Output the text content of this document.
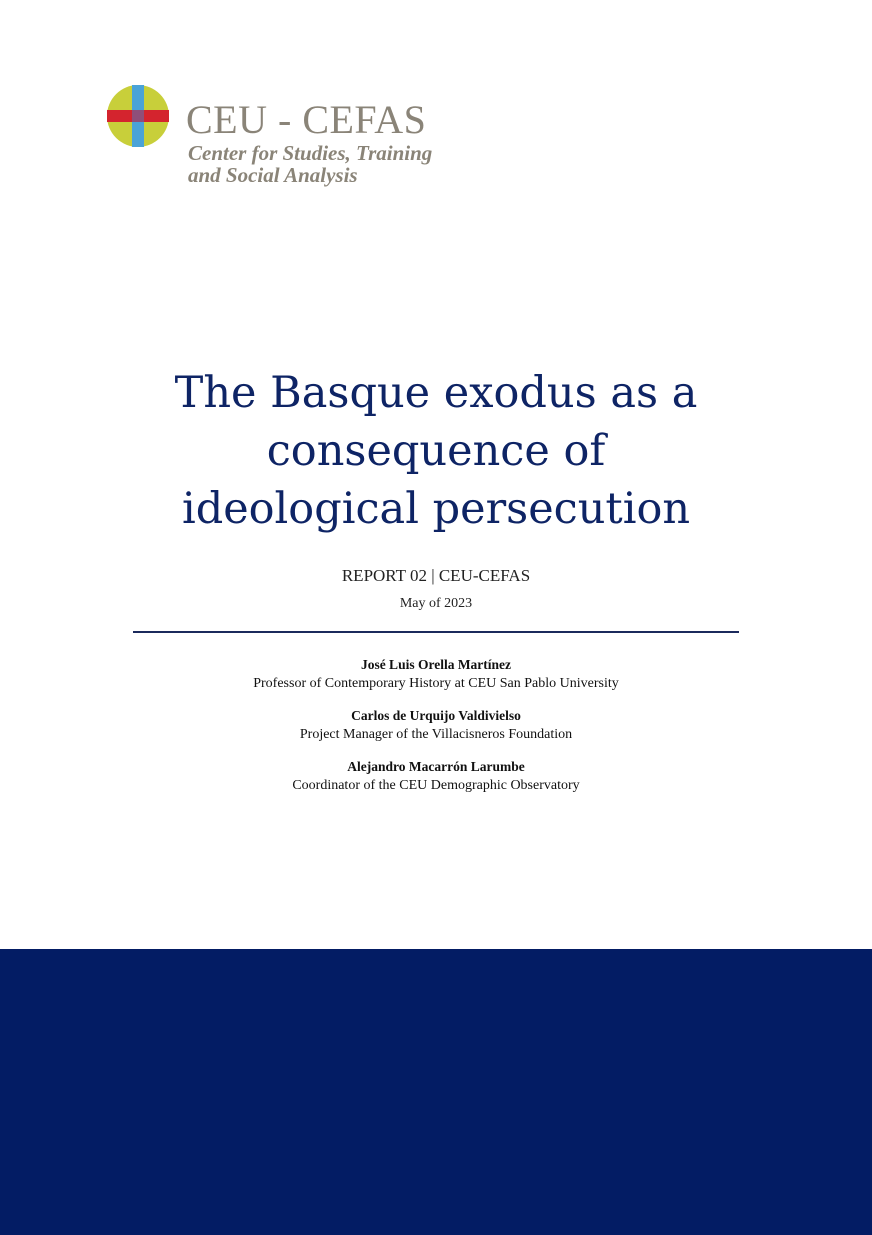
CEU - CEFAS
Center for Studies, Training
and Social Analysis
The Basque exodus as a
consequence of
ideological persecution
REPORT 02 | CEU-CEFAS
May of 2023
José Luis Orella Martínez
Professor of Contemporary History at CEU San Pablo University
Carlos de Urquijo Valdivielso
Project Manager of the Villacisneros Foundation
Alejandro Macarrón Larumbe
Coordinator of the CEU Demographic Observatory
